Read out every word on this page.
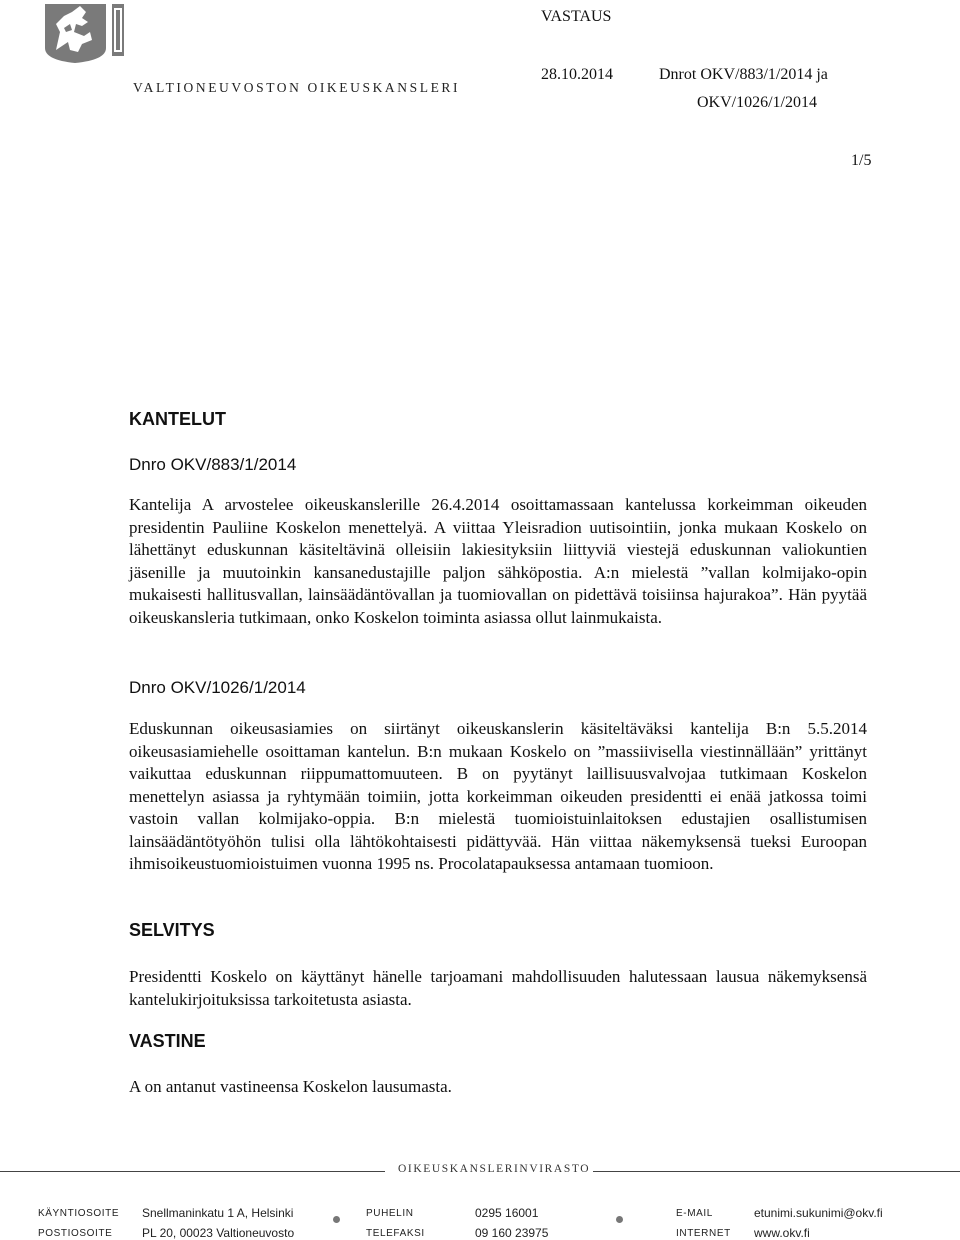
VALTIONEUVOSTON OIKEUSKANSLERI
VASTAUS
28.10.2014	Dnrot OKV/883/1/2014 ja
OKV/1026/1/2014
1/5
KANTELUT
Dnro OKV/883/1/2014

Kantelija A arvostelee oikeuskanslerille 26.4.2014 osoittamassaan kantelussa korkeimman oikeuden presidentin Pauliine Koskelon menettelyä. A viittaa Yleisradion uutisointiin, jonka mukaan Koskelo on lähettänyt eduskunnan käsiteltävinä olleisiin lakiesityksiin liittyviä viestejä eduskunnan valiokuntien jäsenille ja muutoinkin kansanedustajille paljon sähköpostia. A:n mielestä ”vallan kolmijako-opin mukaisesti hallitusvallan, lainsäädäntövallan ja tuomiovallan on pidettävä toisiinsa hajurakoa”. Hän pyytää oikeuskansleria tutkimaan, onko Koskelon toiminta asiassa ollut lainmukaista.

Dnro OKV/1026/1/2014

Eduskunnan oikeusasiamies on siirtänyt oikeuskanslerin käsiteltäväksi kantelija B:n 5.5.2014 oikeusasiamiehelle osoittaman kantelun. B:n mukaan Koskelo on ”massiivisella viestinnällään” yrittänyt vaikuttaa eduskunnan riippumattomuuteen. B on pyytänyt laillisuusvalvojaa tutkimaan Koskelon menettelyn asiassa ja ryhtymään toimiin, jotta korkeimman oikeuden presidentti ei enää jatkossa toimi vastoin vallan kolmijako-oppia. B:n mielestä tuomioistuinlaitoksen edustajien osallistumisen lainsäädäntötyöhön tulisi olla lähtökohtaisesti pidättyvää. Hän viittaa näkemyksensä tueksi Euroopan ihmisoikeustuomioistuimen vuonna 1995 ns. Procolatapauksessa antamaan tuomioon.

SELVITYS

Presidentti Koskelo on käyttänyt hänelle tarjoamani mahdollisuuden halutessaan lausua näkemyksensä kantelukirjoituksissa tarkoitetusta asiasta.

VASTINE

A on antanut vastineensa Koskelon lausumasta.

OIKEUSKANSLERINVIRASTO
KÄYNTIOSOITE Snellmaninkatu 1 A, Helsinki
POSTIOSOITE PL 20, 00023 Valtioneuvosto
PUHELIN	0295 16001
TELEFAKSI	09 160 23975
E-MAIL	etunimi.sukunimi@okv.fi
INTERNET www.okv.fi
